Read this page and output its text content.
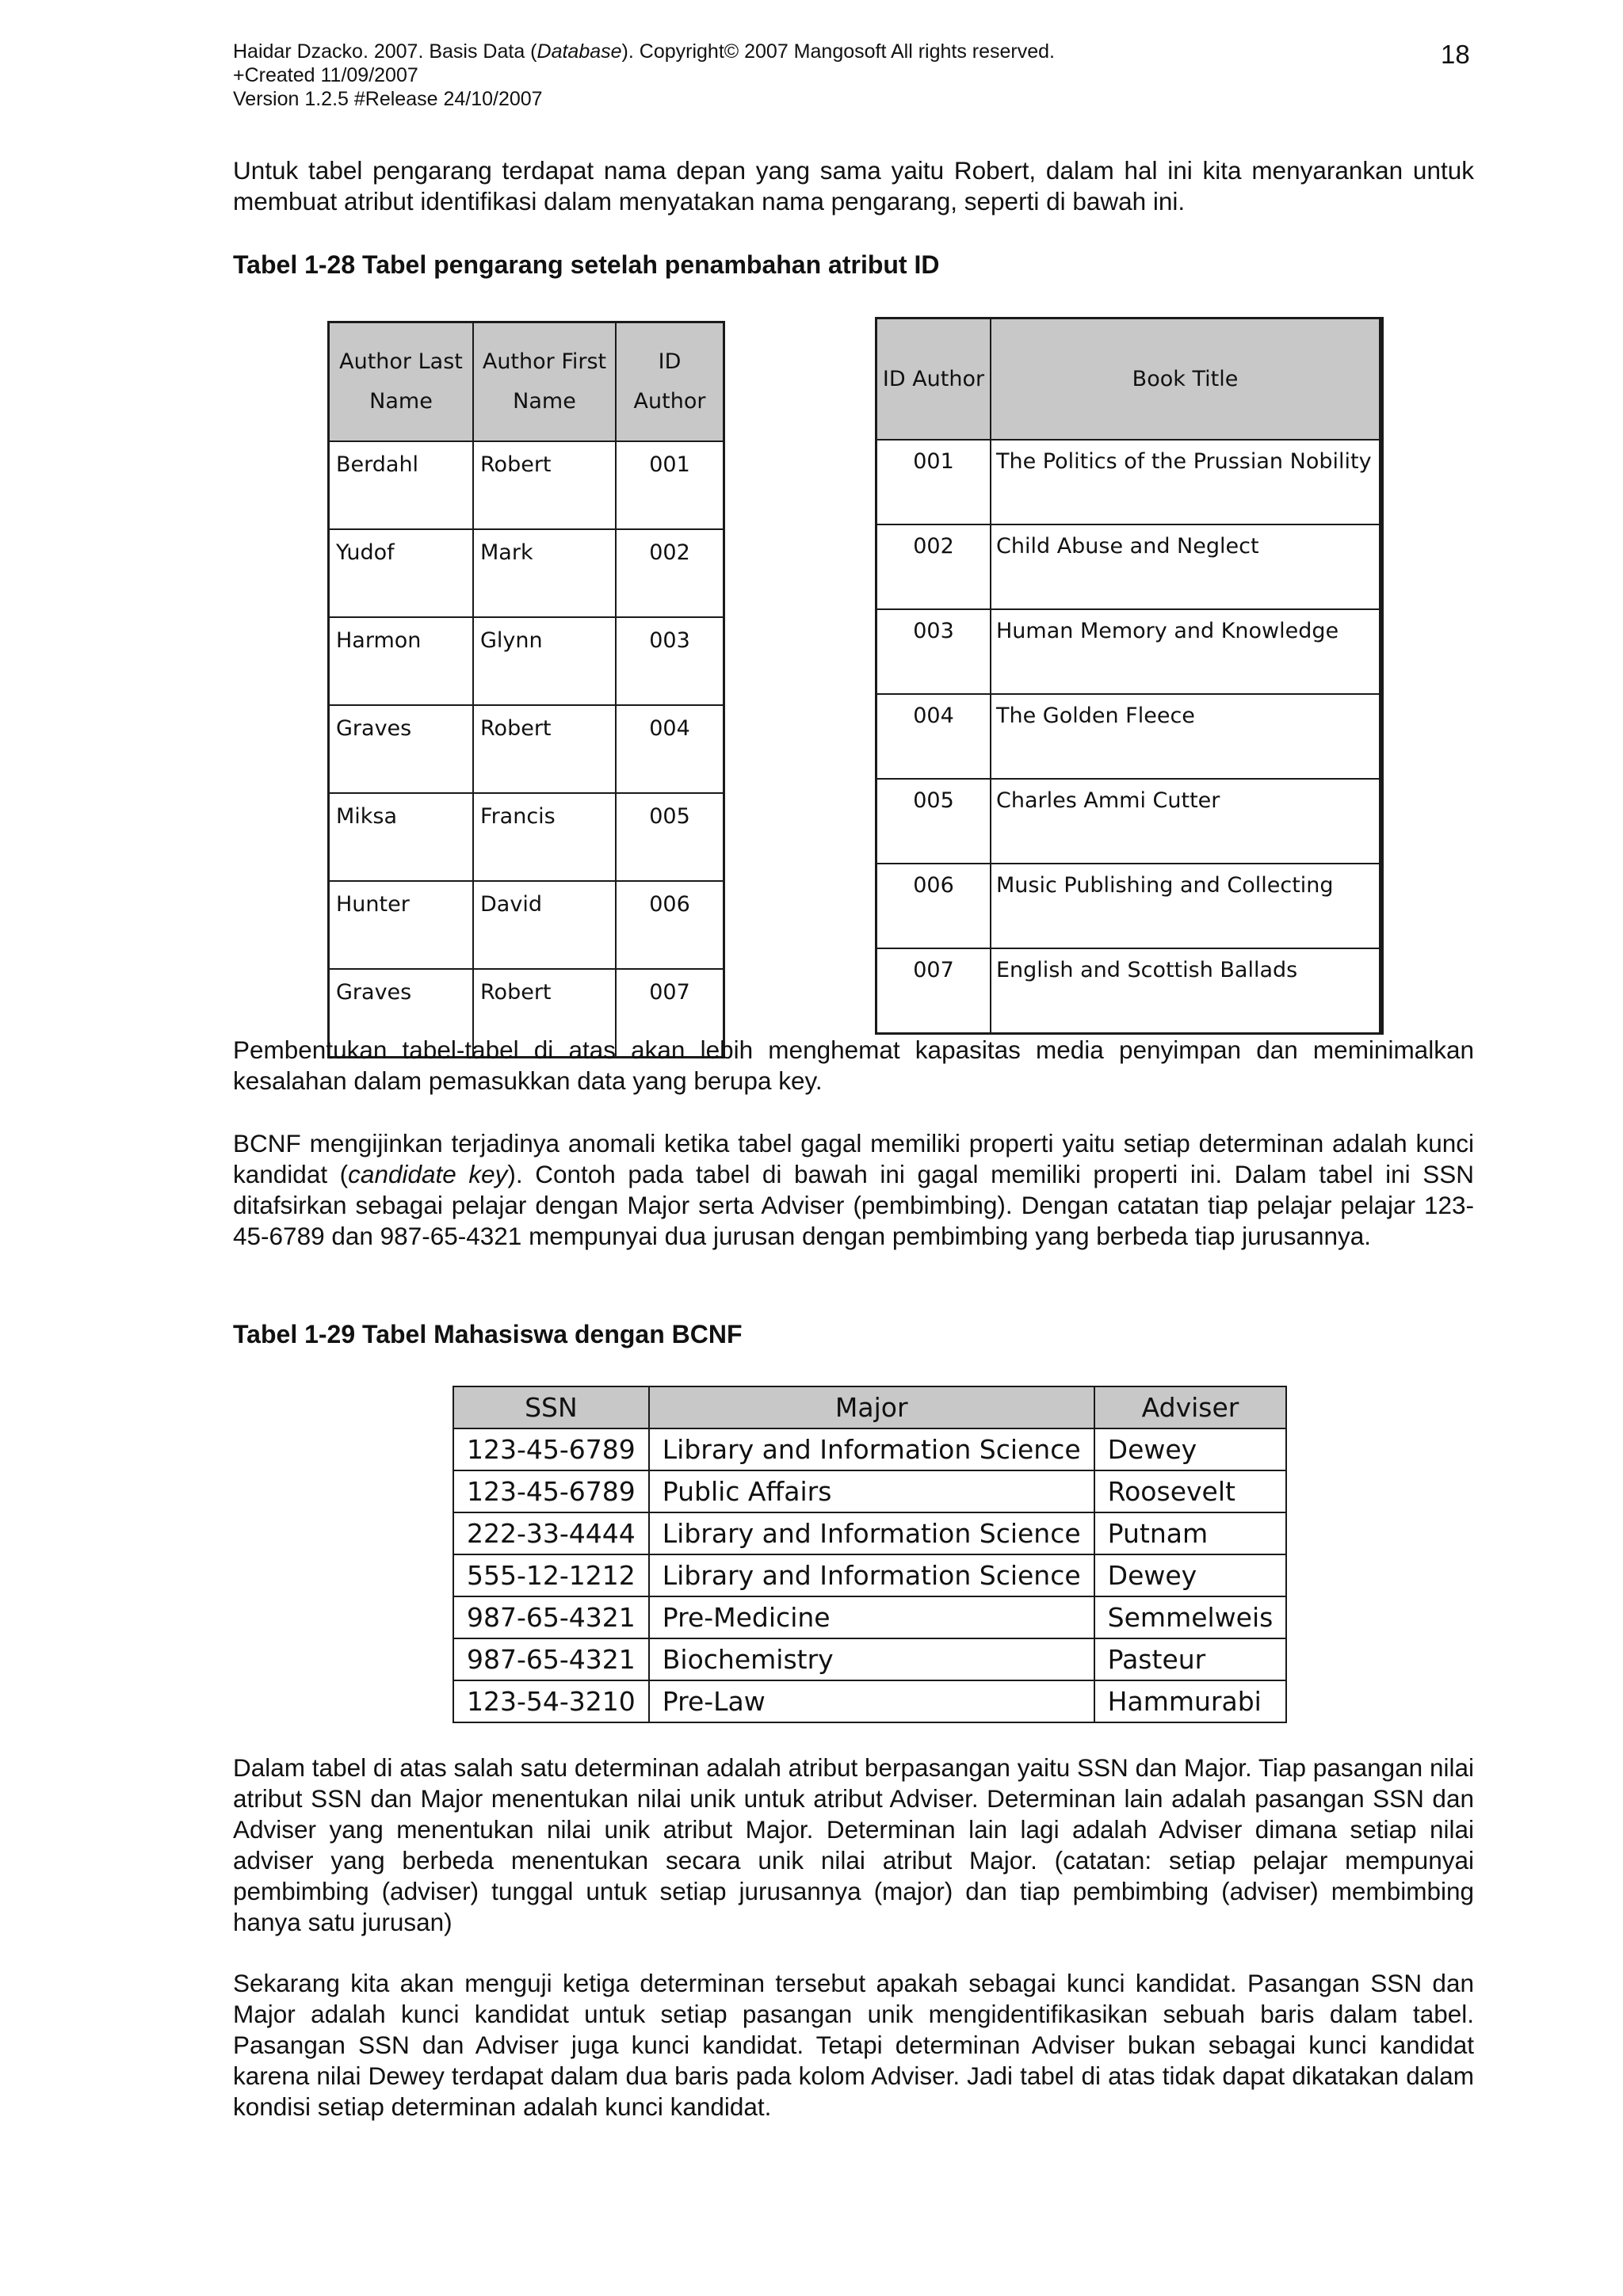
Haidar Dzacko. 2007. Basis Data (Database). Copyright© 2007 Mangosoft All rights reserved.
+Created 11/09/2007
Version 1.2.5 #Release 24/10/2007
18

Untuk tabel pengarang terdapat nama depan yang sama yaitu Robert, dalam hal ini kita menyarankan untuk membuat atribut identifikasi dalam menyatakan nama pengarang, seperti di bawah ini.

Tabel 1-28 Tabel pengarang setelah penambahan atribut ID

Author Last Name	Author First Name	ID Author
Berdahl	Robert	001
Yudof	Mark	002
Harmon	Glynn	003
Graves	Robert	004
Miksa	Francis	005
Hunter	David	006
Graves	Robert	007
ID Author	Book Title
001	The Politics of the Prussian Nobility
002	Child Abuse and Neglect
003	Human Memory and Knowledge
004	The Golden Fleece
005	Charles Ammi Cutter
006	Music Publishing and Collecting
007	English and Scottish Ballads

Pembentukan tabel-tabel di atas akan lebih menghemat kapasitas media penyimpan dan meminimalkan kesalahan dalam pemasukkan data yang berupa key.

BCNF mengijinkan terjadinya anomali ketika tabel gagal memiliki properti yaitu setiap determinan adalah kunci kandidat (candidate key). Contoh pada tabel di bawah ini gagal memiliki properti ini. Dalam tabel ini SSN ditafsirkan sebagai pelajar dengan Major serta Adviser (pembimbing). Dengan catatan tiap pelajar pelajar 123-45-6789 dan 987-65-4321 mempunyai dua jurusan dengan pembimbing yang berbeda tiap jurusannya.

Tabel 1-29 Tabel Mahasiswa dengan BCNF

SSN	Major	Adviser
123-45-6789	Library and Information Science	Dewey
123-45-6789	Public Affairs	Roosevelt
222-33-4444	Library and Information Science	Putnam
555-12-1212	Library and Information Science	Dewey
987-65-4321	Pre-Medicine	Semmelweis
987-65-4321	Biochemistry	Pasteur
123-54-3210	Pre-Law	Hammurabi

Dalam tabel di atas salah satu determinan adalah atribut berpasangan yaitu SSN dan Major. Tiap pasangan nilai atribut SSN dan Major menentukan nilai unik untuk atribut Adviser. Determinan lain adalah pasangan SSN dan Adviser yang menentukan nilai unik atribut Major. Determinan lain lagi adalah Adviser dimana setiap nilai adviser yang berbeda menentukan secara unik nilai atribut Major. (catatan: setiap pelajar mempunyai pembimbing (adviser) tunggal untuk setiap jurusannya (major) dan tiap pembimbing (adviser) membimbing hanya satu jurusan)

Sekarang kita akan menguji ketiga determinan tersebut apakah sebagai kunci kandidat. Pasangan SSN dan Major adalah kunci kandidat untuk setiap pasangan unik mengidentifikasikan sebuah baris dalam tabel. Pasangan SSN dan Adviser juga kunci kandidat. Tetapi determinan Adviser bukan sebagai kunci kandidat karena nilai Dewey terdapat dalam dua baris pada kolom Adviser. Jadi tabel di atas tidak dapat dikatakan dalam kondisi setiap determinan adalah kunci kandidat.
